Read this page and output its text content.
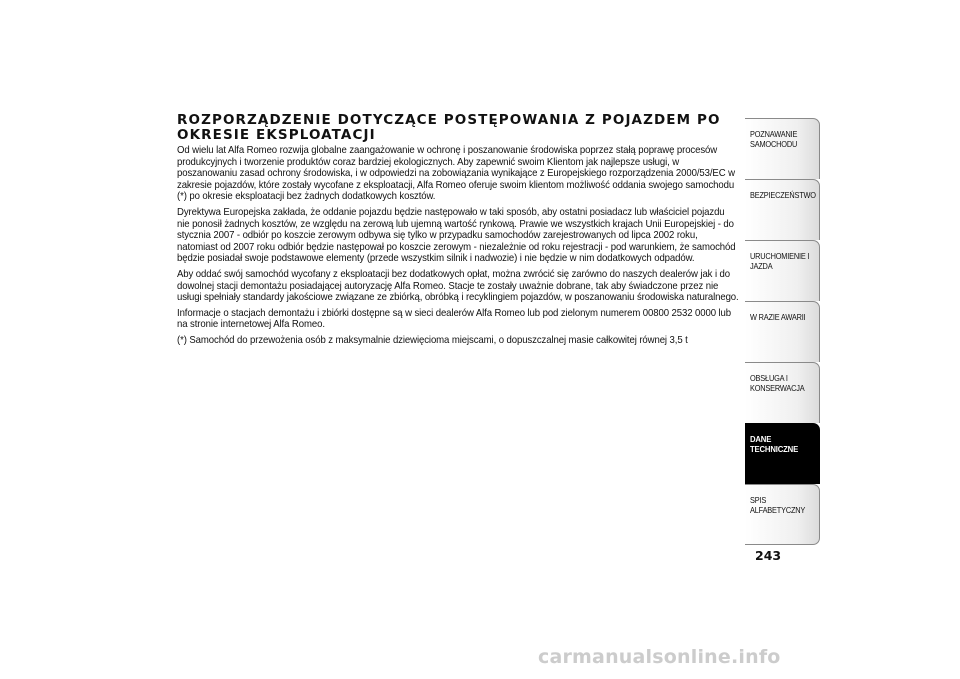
ROZPORZĄDZENIE DOTYCZĄCE POSTĘPOWANIA Z POJAZDEM PO OKRESIE EKSPLOATACJI

Od wielu lat Alfa Romeo rozwija globalne zaangażowanie w ochronę i poszanowanie środowiska poprzez stałą poprawę procesów produkcyjnych i tworzenie produktów coraz bardziej ekologicznych. Aby zapewnić swoim Klientom jak najlepsze usługi, w poszanowaniu zasad ochrony środowiska, i w odpowiedzi na zobowiązania wynikające z Europejskiego rozporządzenia 2000/53/EC w zakresie pojazdów, które zostały wycofane z eksploatacji, Alfa Romeo oferuje swoim klientom możliwość oddania swojego samochodu (*) po okresie eksploatacji bez żadnych dodatkowych kosztów.

Dyrektywa Europejska zakłada, że oddanie pojazdu będzie następowało w taki sposób, aby ostatni posiadacz lub właściciel pojazdu nie ponosił żadnych kosztów, ze względu na zerową lub ujemną wartość rynkową. Prawie we wszystkich krajach Unii Europejskiej - do stycznia 2007 - odbiór po koszcie zerowym odbywa się tylko w przypadku samochodów zarejestrowanych od lipca 2002 roku, natomiast od 2007 roku odbiór będzie następował po koszcie zerowym - niezależnie od roku rejestracji - pod warunkiem, że samochód będzie posiadał swoje podstawowe elementy (przede wszystkim silnik i nadwozie) i nie będzie w nim dodatkowych odpadów.

Aby oddać swój samochód wycofany z eksploatacji bez dodatkowych opłat, można zwrócić się zarówno do naszych dealerów jak i do dowolnej stacji demontażu posiadającej autoryzację Alfa Romeo. Stacje te zostały uważnie dobrane, tak aby świadczone przez nie usługi spełniały standardy jakościowe związane ze zbiórką, obróbką i recyklingiem pojazdów, w poszanowaniu środowiska naturalnego.

Informacje o stacjach demontażu i zbiórki dostępne są w sieci dealerów Alfa Romeo lub pod zielonym numerem 00800 2532 0000 lub na stronie internetowej Alfa Romeo.

(*) Samochód do przewożenia osób z maksymalnie dziewięcioma miejscami, o dopuszczalnej masie całkowitej równej 3,5 t

POZNAWANIE SAMOCHODU
BEZPIECZEŃSTWO
URUCHOMIENIE I JAZDA
W RAZIE AWARII
OBSŁUGA I KONSERWACJA
DANE TECHNICZNE
SPIS ALFABETYCZNY
243
carmanualsonline.info
